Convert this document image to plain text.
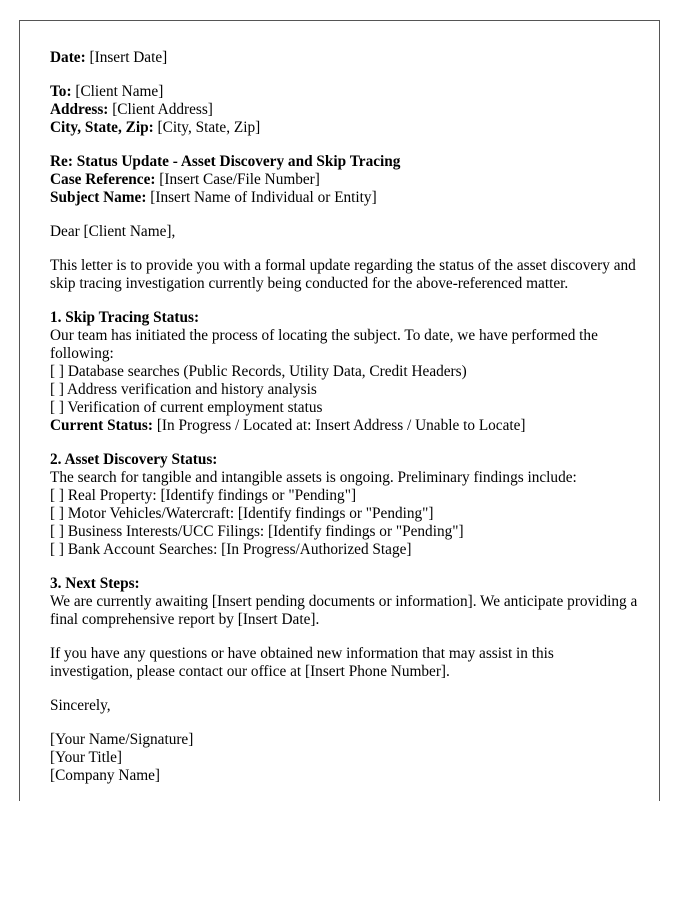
Date: [Insert Date]
To: [Client Name]
Address: [Client Address]
City, State, Zip: [City, State, Zip]
Re: Status Update - Asset Discovery and Skip Tracing
Case Reference: [Insert Case/File Number]
Subject Name: [Insert Name of Individual or Entity]
Dear [Client Name],
This letter is to provide you with a formal update regarding the status of the asset discovery and skip tracing investigation currently being conducted for the above-referenced matter.
1. Skip Tracing Status:
Our team has initiated the process of locating the subject. To date, we have performed the following:
[ ] Database searches (Public Records, Utility Data, Credit Headers)
[ ] Address verification and history analysis
[ ] Verification of current employment status
Current Status: [In Progress / Located at: Insert Address / Unable to Locate]
2. Asset Discovery Status:
The search for tangible and intangible assets is ongoing. Preliminary findings include:
[ ] Real Property: [Identify findings or "Pending"]
[ ] Motor Vehicles/Watercraft: [Identify findings or "Pending"]
[ ] Business Interests/UCC Filings: [Identify findings or "Pending"]
[ ] Bank Account Searches: [In Progress/Authorized Stage]
3. Next Steps:
We are currently awaiting [Insert pending documents or information]. We anticipate providing a final comprehensive report by [Insert Date].
If you have any questions or have obtained new information that may assist in this investigation, please contact our office at [Insert Phone Number].
Sincerely,
[Your Name/Signature]
[Your Title]
[Company Name]
